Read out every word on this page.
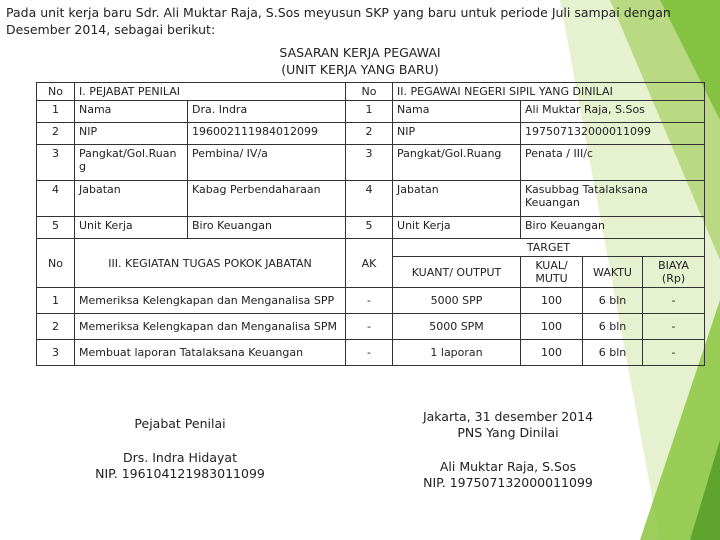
Pada unit kerja baru Sdr. Ali Muktar Raja, S.Sos meyusun SKP yang baru untuk periode Juli sampai dengan Desember 2014, sebagai berikut:
SASARAN KERJA PEGAWAI
(UNIT KERJA YANG BARU)
No	I. PEJABAT PENILAI		No	II. PEGAWAI NEGERI SIPIL YANG DINILAI			
1	Nama	Dra. Indra	1	Nama	Ali Muktar Raja, S.Sos		
2	NIP	196002111984012099	2	NIP	197507132000011099		
3	Pangkat/Gol.Ruang	Pembina/ IV/a	3	Pangkat/Gol.Ruang	Penata / III/c		
4	Jabatan	Kabag Perbendaharaan	4	Jabatan	Kasubbag Tatalaksana Keuangan		
5	Unit Kerja	Biro Keuangan	5	Unit Kerja	Biro Keuangan		
No	III. KEGIATAN TUGAS POKOK JABATAN		AK	TARGET			
				KUANT/ OUTPUT	KUAL/ MUTU	WAKTU	BIAYA (Rp)
1	Memeriksa Kelengkapan dan Menganalisa SPP		-	5000 SPP	100	6 bln	-
2	Memeriksa Kelengkapan dan Menganalisa SPM		-	5000 SPM	100	6 bln	-
3	Membuat laporan Tatalaksana Keuangan		-	1 laporan	100	6 bln	-
Pejabat Penilai
Drs. Indra Hidayat
NIP. 196104121983011099
Jakarta, 31 desember 2014
PNS Yang Dinilai
Ali Muktar Raja, S.Sos
NIP. 197507132000011099
